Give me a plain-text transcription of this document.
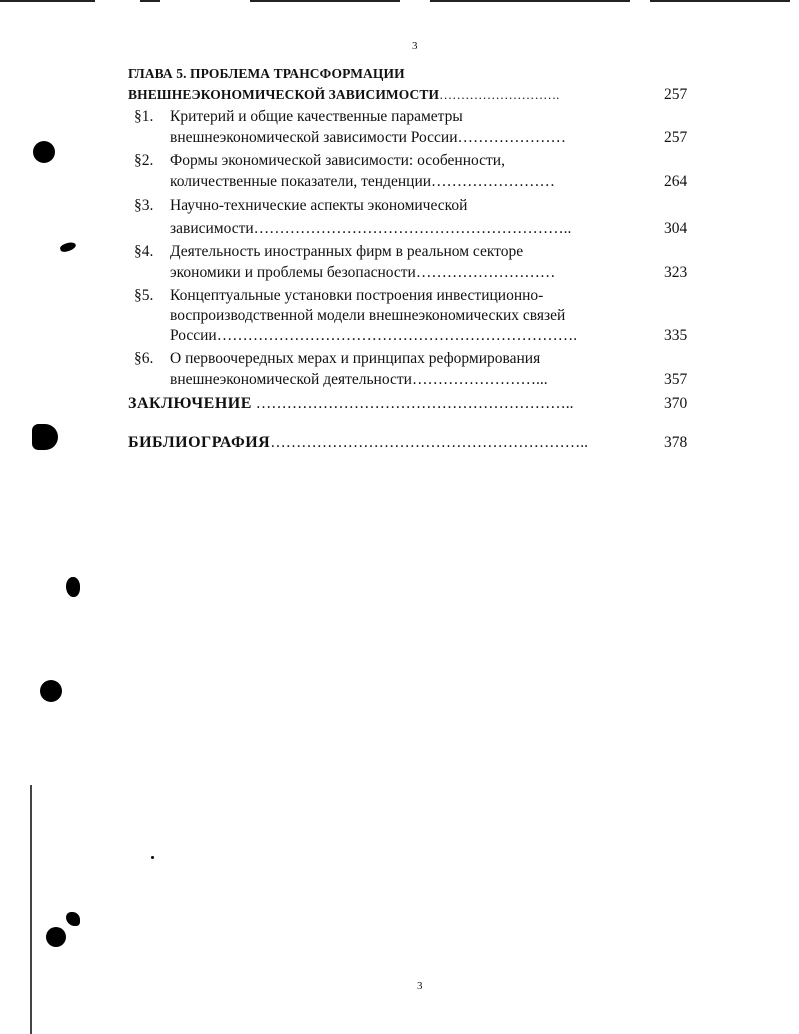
3
ГЛАВА 5. ПРОБЛЕМА ТРАНСФОРМАЦИИ
ВНЕШНЕЭКОНОМИЧЕСКОЙ ЗАВИСИМОСТИ……………………….	257
§1. Критерий и общие качественные параметры
внешнеэкономической зависимости России…………………	257
§2. Формы экономической зависимости: особенности,
количественные показатели, тенденции……………………	264
§3. Научно-технические аспекты экономической
зависимости……………………………………………………..	304
§4. Деятельность иностранных фирм в реальном секторе
экономики и проблемы безопасности………………………	323
§5. Концептуальные установки построения инвестиционно-
воспроизводственной модели внешнеэкономических связей
России…………………………………………………………….	335
§6. О первоочередных мерах и принципах реформирования
внешнеэкономической деятельности……………………...	357
ЗАКЛЮЧЕНИЕ ……………………………………………………..	370
БИБЛИОГРАФИЯ……………………………………………………..	378
3
